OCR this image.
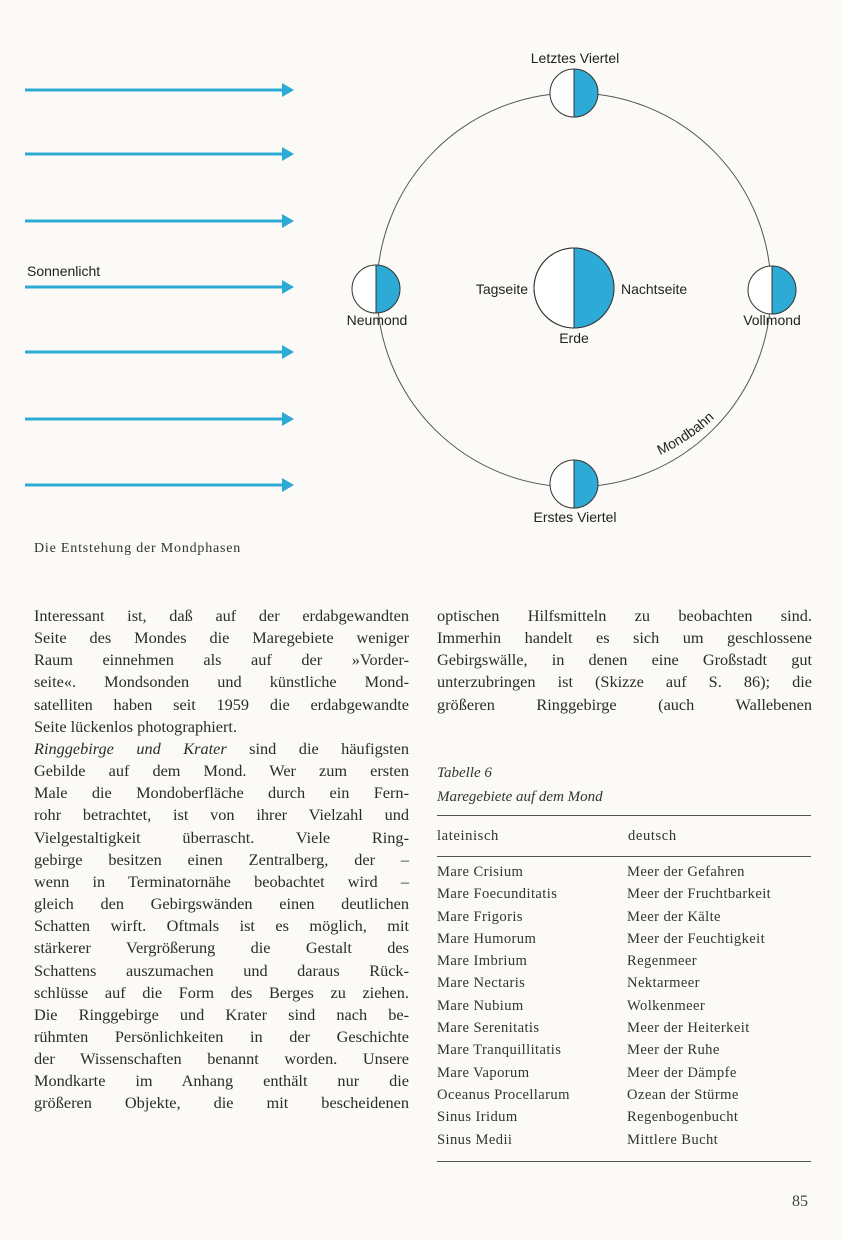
Sonnenlicht
Mondbahn
Erde
Tagseite	Nachtseite
Letztes Viertel
Erstes Viertel
Neumond	Vollmond
Die Entstehung der Mondphasen

Interessant ist, daß auf der erdabgewandten
Seite des Mondes die Maregebiete weniger
Raum einnehmen als auf der »Vorder-
seite«. Mondsonden und künstliche Mond-
satelliten haben seit 1959 die erdabgewandte
Seite lückenlos photographiert.

Ringgebirge und Krater sind die häufigsten
Gebilde auf dem Mond. Wer zum ersten
Male die Mondoberfläche durch ein Fern-
rohr betrachtet, ist von ihrer Vielzahl und
Vielgestaltigkeit überrascht. Viele Ring-
gebirge besitzen einen Zentralberg, der –
wenn in Terminatornähe beobachtet wird –
gleich den Gebirgswänden einen deutlichen
Schatten wirft. Oftmals ist es möglich, mit
stärkerer Vergrößerung die Gestalt des
Schattens auszumachen und daraus Rück-
schlüsse auf die Form des Berges zu ziehen.
Die Ringgebirge und Krater sind nach be-
rühmten Persönlichkeiten in der Geschichte
der Wissenschaften benannt worden. Unsere
Mondkarte im Anhang enthält nur die
größeren Objekte, die mit bescheidenen

optischen Hilfsmitteln zu beobachten sind.
Immerhin handelt es sich um geschlossene
Gebirgswälle, in denen eine Großstadt gut
unterzubringen ist (Skizze auf S. 86); die
größeren Ringgebirge (auch Wallebenen

Tabelle 6
Maregebiete auf dem Mond
lateinisch	deutsch
Mare Crisium	Meer der Gefahren
Mare Foecunditatis	Meer der Fruchtbarkeit
Mare Frigoris	Meer der Kälte
Mare Humorum	Meer der Feuchtigkeit
Mare Imbrium	Regenmeer
Mare Nectaris	Nektarmeer
Mare Nubium	Wolkenmeer
Mare Serenitatis	Meer der Heiterkeit
Mare Tranquillitatis	Meer der Ruhe
Mare Vaporum	Meer der Dämpfe
Oceanus Procellarum	Ozean der Stürme
Sinus Iridum	Regenbogenbucht
Sinus Medii	Mittlere Bucht
85
